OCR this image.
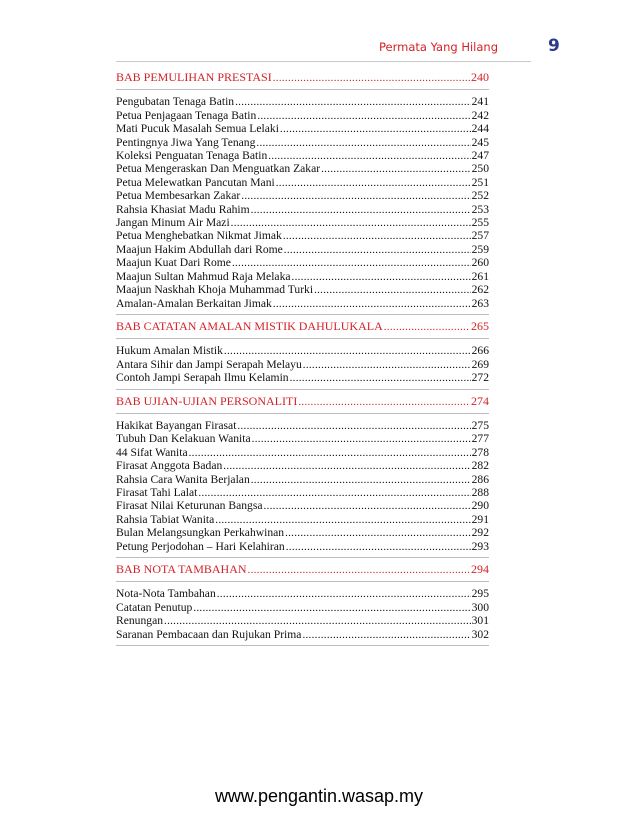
Permata Yang Hilang	9
BAB PEMULIHAN PRESTASI .....	240
Pengubatan Tenaga Batin .....	241
Petua Penjagaan Tenaga Batin .....	242
Mati Pucuk Masalah Semua Lelaki .....	244
Pentingnya Jiwa Yang Tenang .....	245
Koleksi Penguatan Tenaga Batin .....	247
Petua Mengeraskan Dan Menguatkan Zakar .....	250
Petua Melewatkan Pancutan Mani .....	251
Petua Membesarkan Zakar .....	252
Rahsia Khasiat Madu Rahim .....	253
Jangan Minum Air Mazi .....	255
Petua Menghebatkan Nikmat Jimak .....	257
Maajun Hakim Abdullah dari Rome .....	259
Maajun Kuat Dari Rome .....	260
Maajun Sultan Mahmud Raja Melaka .....	261
Maajun Naskhah Khoja Muhammad Turki .....	262
Amalan-Amalan Berkaitan Jimak .....	263
BAB CATATAN AMALAN MISTIK DAHULUKALA .....	265
Hukum Amalan Mistik .....	266
Antara Sihir dan Jampi Serapah Melayu .....	269
Contoh Jampi Serapah Ilmu Kelamin .....	272
BAB UJIAN-UJIAN PERSONALITI .....	274
Hakikat Bayangan Firasat .....	275
Tubuh Dan Kelakuan Wanita .....	277
44 Sifat Wanita .....	278
Firasat Anggota Badan .....	282
Rahsia Cara Wanita Berjalan .....	286
Firasat Tahi Lalat .....	288
Firasat Nilai Keturunan Bangsa .....	290
Rahsia Tabiat Wanita .....	291
Bulan Melangsungkan Perkahwinan .....	292
Petung Perjodohan – Hari Kelahiran .....	293
BAB NOTA TAMBAHAN .....	294
Nota-Nota Tambahan .....	295
Catatan Penutup .....	300
Renungan .....	301
Saranan Pembacaan dan Rujukan Prima .....	302
www.pengantin.wasap.my
